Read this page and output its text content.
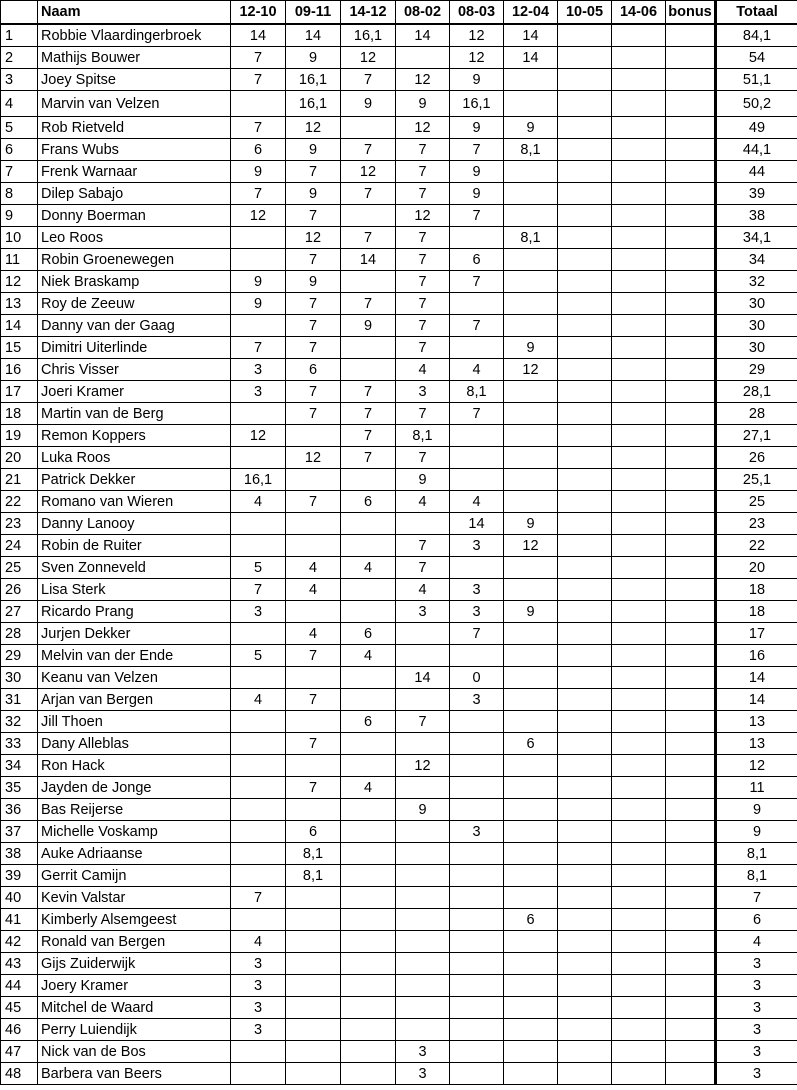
	Naam	12-10	09-11	14-12	08-02	08-03	12-04	10-05	14-06	bonus	Totaal
1	Robbie Vlaardingerbroek	14	14	16,1	14	12	14				84,1
2	Mathijs Bouwer	7	9	12		12	14				54
3	Joey Spitse	7	16,1	7	12	9					51,1
4	Marvin van Velzen		16,1	9	9	16,1					50,2
5	Rob Rietveld	7	12		12	9	9				49
6	Frans Wubs	6	9	7	7	7	8,1				44,1
7	Frenk Warnaar	9	7	12	7	9					44
8	Dilep Sabajo	7	9	7	7	9					39
9	Donny Boerman	12	7		12	7					38
10	Leo Roos		12	7	7		8,1				34,1
11	Robin Groenewegen		7	14	7	6					34
12	Niek Braskamp	9	9		7	7					32
13	Roy de Zeeuw	9	7	7	7						30
14	Danny van der Gaag		7	9	7	7					30
15	Dimitri Uiterlinde	7	7		7		9				30
16	Chris Visser	3	6		4	4	12				29
17	Joeri Kramer	3	7	7	3	8,1					28,1
18	Martin van de Berg		7	7	7	7					28
19	Remon Koppers	12		7	8,1						27,1
20	Luka Roos		12	7	7						26
21	Patrick Dekker	16,1			9						25,1
22	Romano van Wieren	4	7	6	4	4					25
23	Danny Lanooy					14	9				23
24	Robin de Ruiter				7	3	12				22
25	Sven Zonneveld	5	4	4	7						20
26	Lisa Sterk	7	4		4	3					18
27	Ricardo Prang	3			3	3	9				18
28	Jurjen Dekker		4	6		7					17
29	Melvin van der Ende	5	7	4							16
30	Keanu van Velzen				14	0					14
31	Arjan van Bergen	4	7			3					14
32	Jill Thoen			6	7						13
33	Dany Alleblas		7				6				13
34	Ron Hack				12						12
35	Jayden de Jonge		7	4							11
36	Bas Reijerse				9						9
37	Michelle Voskamp		6			3					9
38	Auke Adriaanse		8,1								8,1
39	Gerrit Camijn		8,1								8,1
40	Kevin Valstar	7									7
41	Kimberly Alsemgeest						6				6
42	Ronald van Bergen	4									4
43	Gijs Zuiderwijk	3									3
44	Joery Kramer	3									3
45	Mitchel de Waard	3									3
46	Perry Luiendijk	3									3
47	Nick van de Bos				3						3
48	Barbera van Beers				3						3
